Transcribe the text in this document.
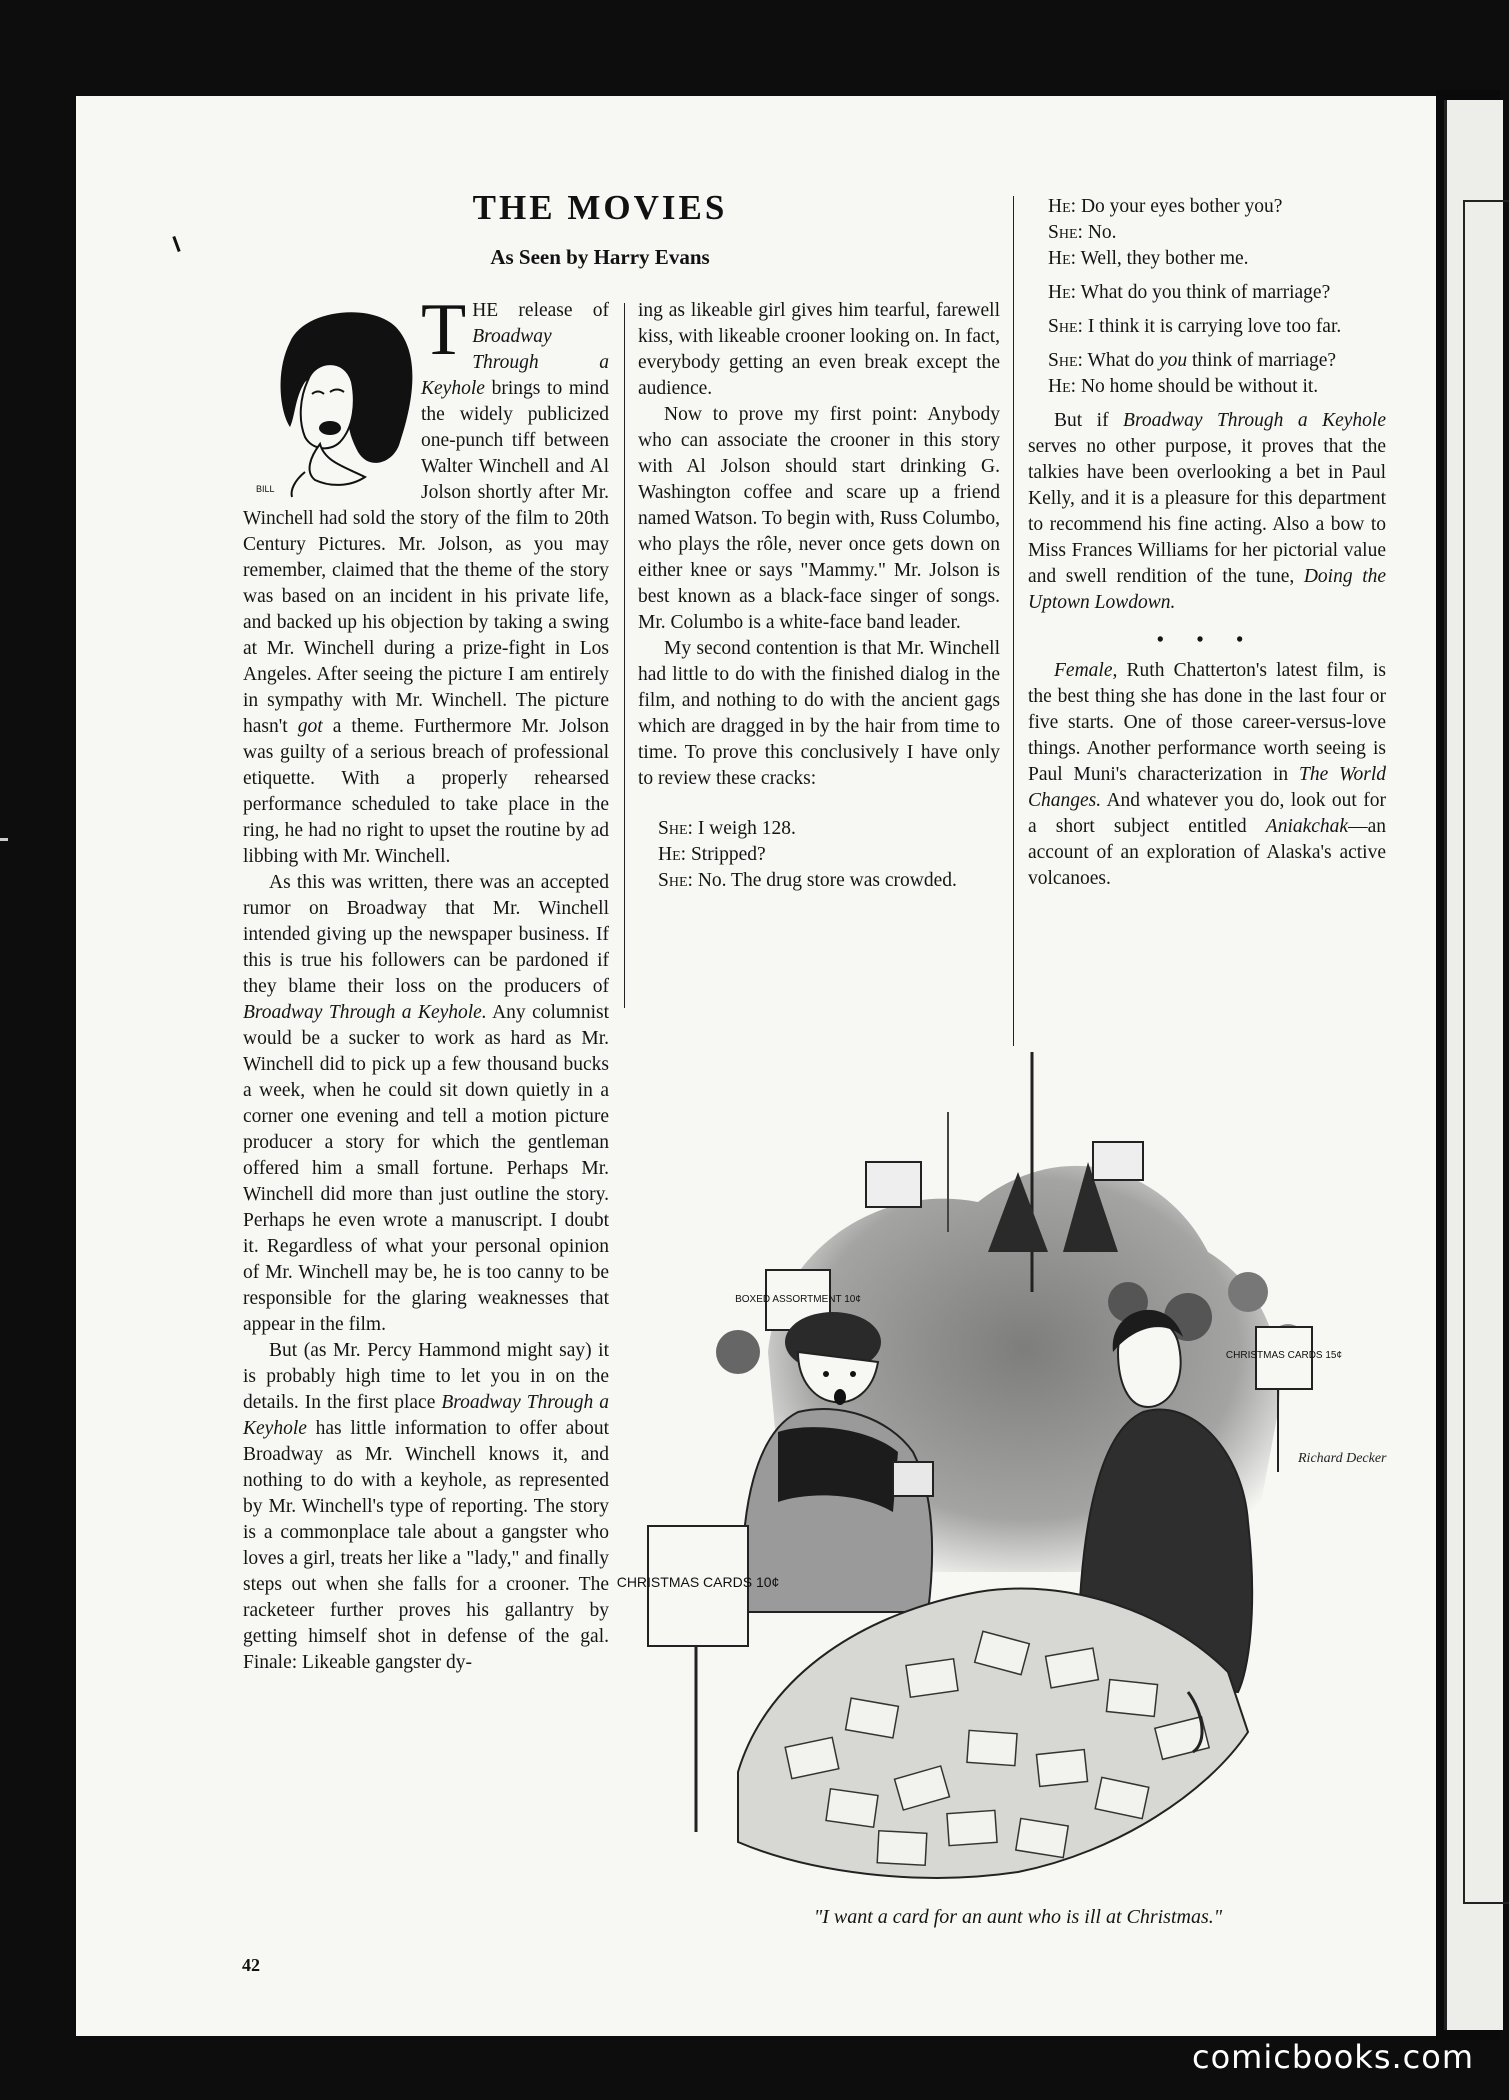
THE MOVIES
As Seen by Harry Evans
BILL

THE release of Broadway Through a Keyhole brings to mind the widely publicized one-punch tiff between Walter Winchell and Al Jolson shortly after Mr. Winchell had sold the story of the film to 20th Century Pictures. Mr. Jolson, as you may remember, claimed that the theme of the story was based on an incident in his private life, and backed up his objection by taking a swing at Mr. Winchell during a prize-fight in Los Angeles. After seeing the picture I am entirely in sympathy with Mr. Winchell. The picture hasn't got a theme. Furthermore Mr. Jolson was guilty of a serious breach of professional etiquette. With a properly rehearsed performance scheduled to take place in the ring, he had no right to upset the routine by ad libbing with Mr. Winchell.

As this was written, there was an accepted rumor on Broadway that Mr. Winchell intended giving up the newspaper business. If this is true his followers can be pardoned if they blame their loss on the producers of Broadway Through a Keyhole. Any columnist would be a sucker to work as hard as Mr. Winchell did to pick up a few thousand bucks a week, when he could sit down quietly in a corner one evening and tell a motion picture producer a story for which the gentleman offered him a small fortune. Perhaps Mr. Winchell did more than just outline the story. Perhaps he even wrote a manuscript. I doubt it. Regardless of what your personal opinion of Mr. Winchell may be, he is too canny to be responsible for the glaring weaknesses that appear in the film.

But (as Mr. Percy Hammond might say) it is probably high time to let you in on the details. In the first place Broadway Through a Keyhole has little information to offer about Broadway as Mr. Winchell knows it, and nothing to do with a keyhole, as represented by Mr. Winchell's type of reporting. The story is a commonplace tale about a gangster who loves a girl, treats her like a "lady," and finally steps out when she falls for a crooner. The racketeer further proves his gallantry by getting himself shot in defense of the gal. Finale: Likeable gangster dy-

ing as likeable girl gives him tearful, farewell kiss, with likeable crooner looking on. In fact, everybody getting an even break except the audience.

Now to prove my first point: Anybody who can associate the crooner in this story with Al Jolson should start drinking G. Washington coffee and scare up a friend named Watson. To begin with, Russ Columbo, who plays the rôle, never once gets down on either knee or says "Mammy." Mr. Jolson is best known as a black-face singer of songs. Mr. Columbo is a white-face band leader.

My second contention is that Mr. Winchell had little to do with the finished dialog in the film, and nothing to do with the ancient gags which are dragged in by the hair from time to time. To prove this conclusively I have only to review these cracks:

She: I weigh 128.

He: Stripped?

She: No. The drug store was crowded.

He: Do your eyes bother you?

She: No.

He: Well, they bother me.

He: What do you think of marriage?

She: I think it is carrying love too far.

She: What do you think of marriage?

He: No home should be without it.

But if Broadway Through a Keyhole serves no other purpose, it proves that the talkies have been overlooking a bet in Paul Kelly, and it is a pleasure for this department to recommend his fine acting. Also a bow to Miss Frances Williams for her pictorial value and swell rendition of the tune, Doing the Uptown Lowdown.

• • •

Female, Ruth Chatterton's latest film, is the best thing she has done in the last four or five starts. One of those career-versus-love things. Another performance worth seeing is Paul Muni's characterization in The World Changes. And whatever you do, look out for a short subject entitled Aniakchak—an account of an exploration of Alaska's active volcanoes.

BOXED ASSORTMENT 10¢
CHRISTMAS CARDS 15¢
CHRISTMAS CARDS 10¢
Richard Decker
"I want a card for an aunt who is ill at Christmas."
42
comicbooks.com
